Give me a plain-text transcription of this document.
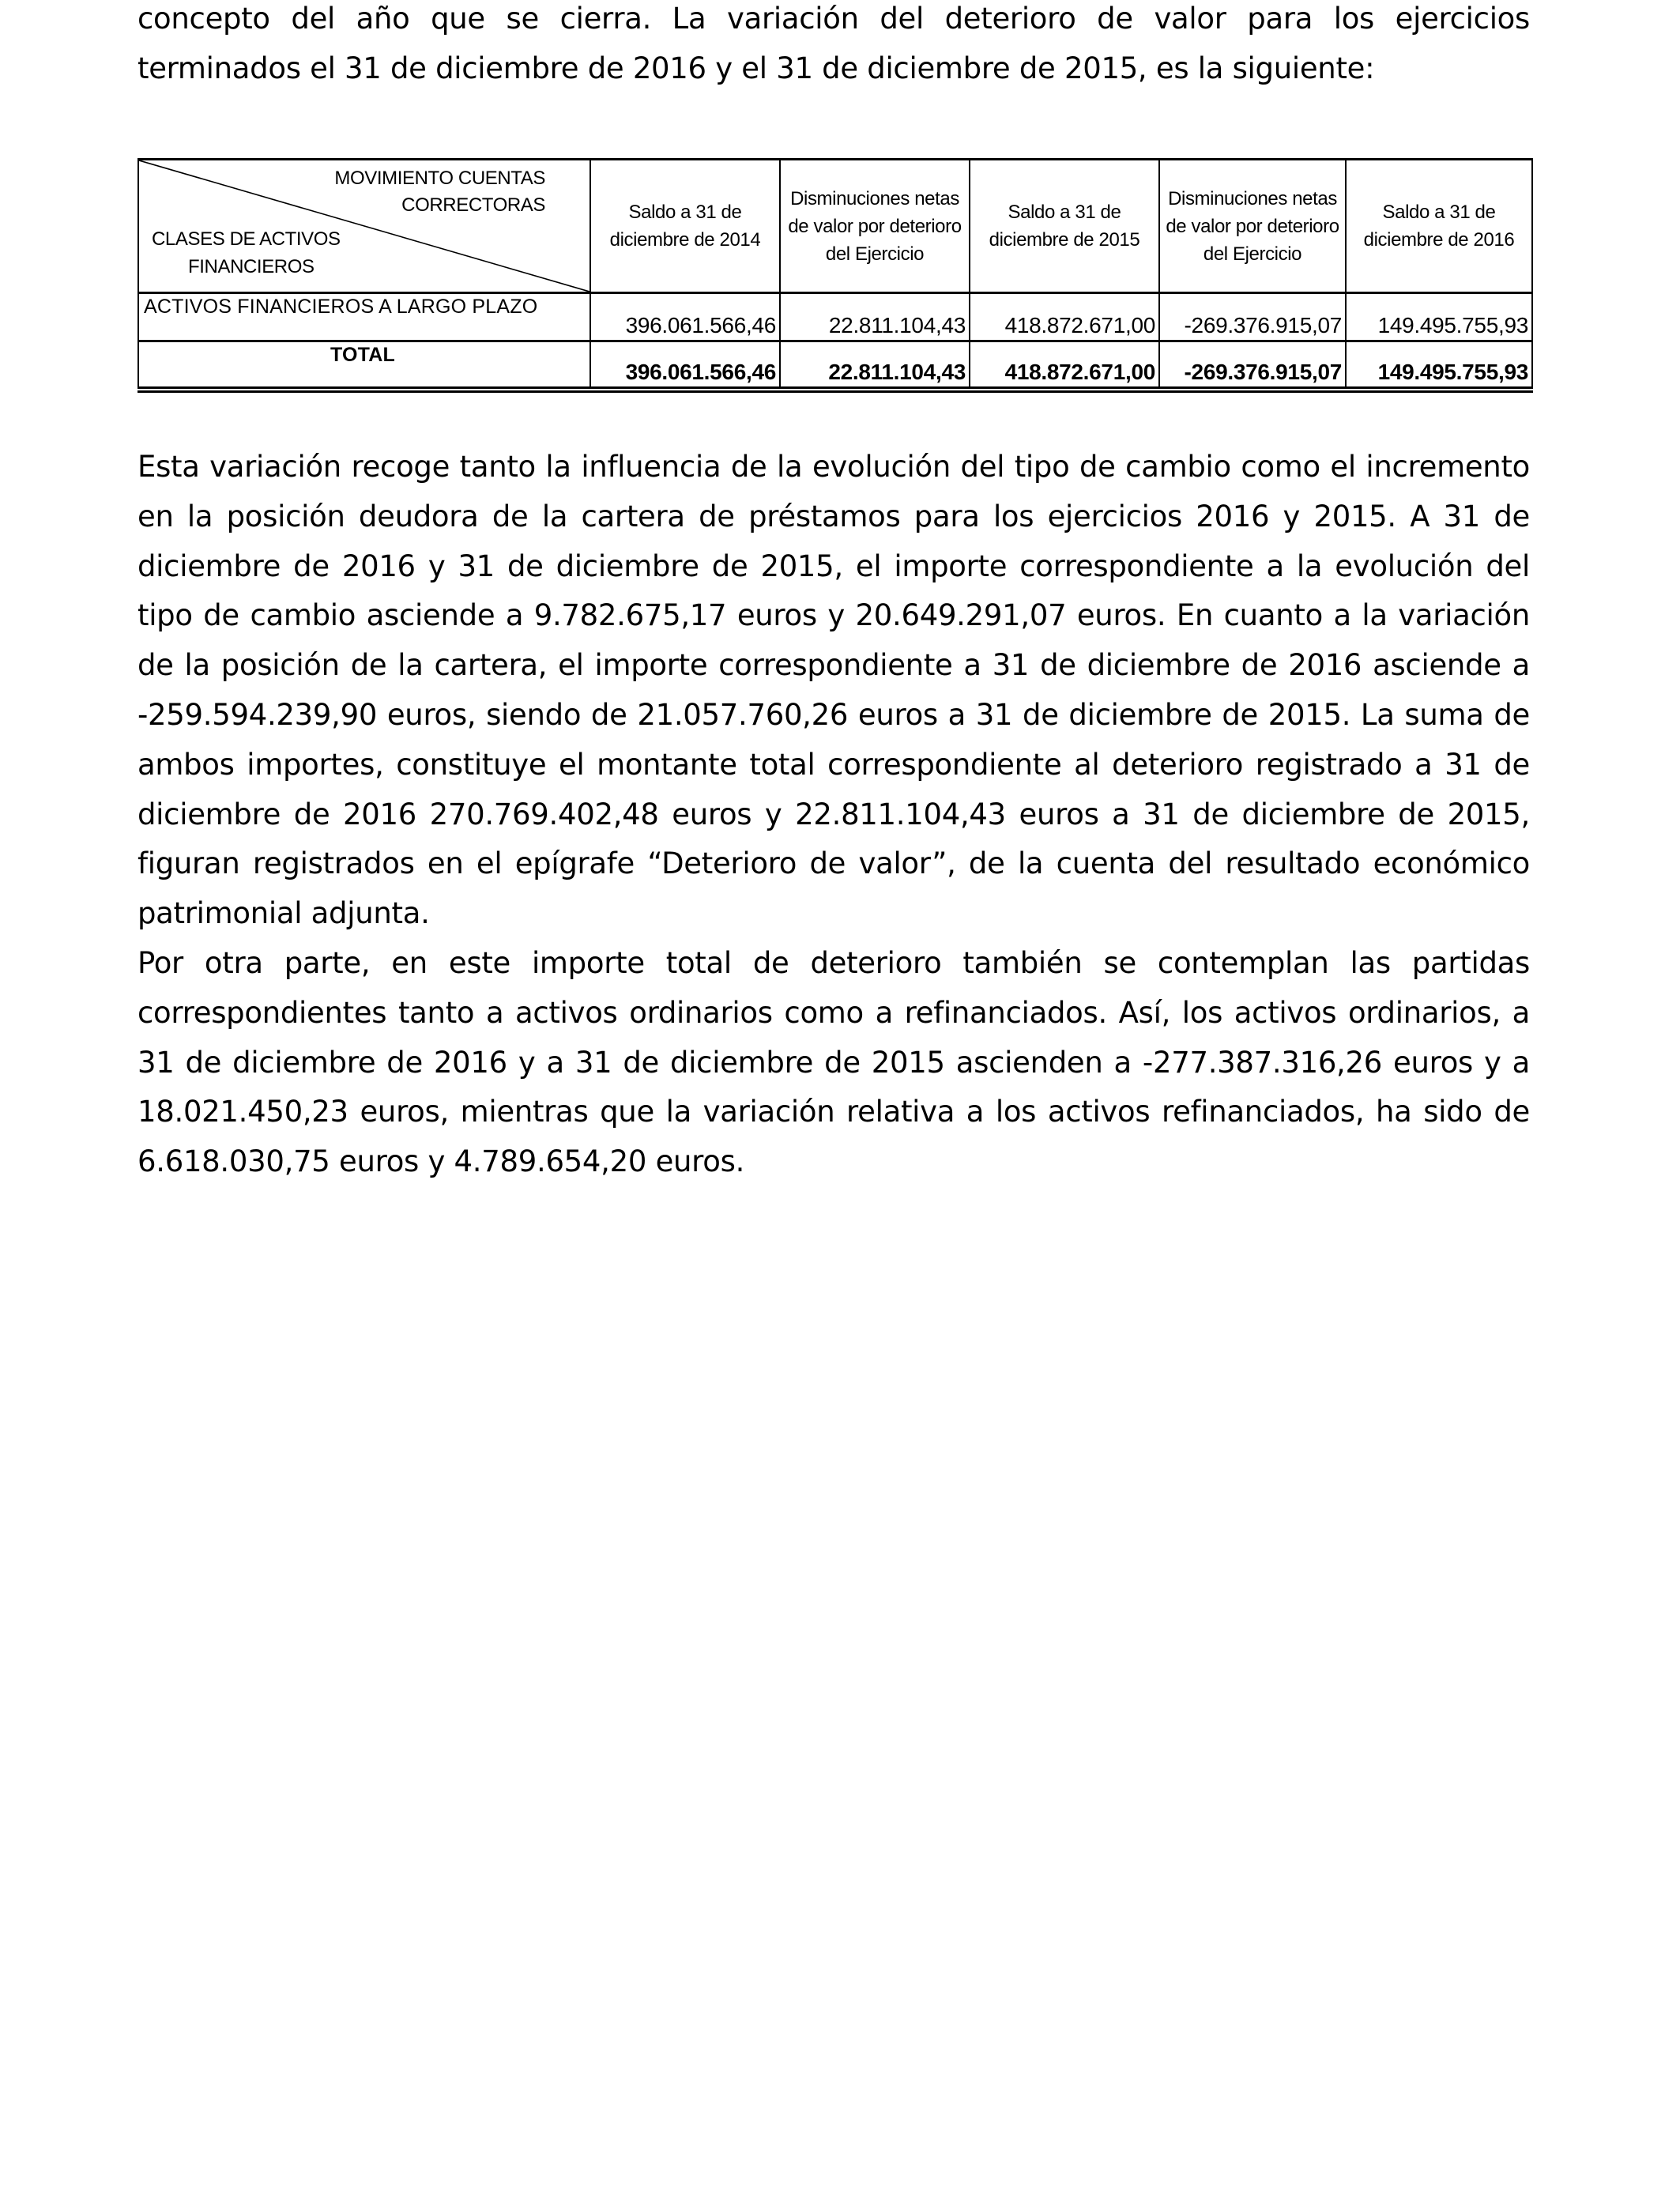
concepto del año que se cierra. La variación del deterioro de valor para los ejercicios terminados el 31 de diciembre de 2016 y el 31 de diciembre de 2015, es la siguiente:

MOVIMIENTO CUENTAS
CORRECTORAS
CLASES DE ACTIVOS
FINANCIEROS	Saldo a 31 de diciembre de 2014	Disminuciones netas de valor por deterioro del Ejercicio	Saldo a 31 de diciembre de 2015	Disminuciones netas de valor por deterioro del Ejercicio	Saldo a 31 de diciembre de 2016
ACTIVOS FINANCIEROS A LARGO PLAZO	396.061.566,46	22.811.104,43	418.872.671,00	-269.376.915,07	149.495.755,93
TOTAL	396.061.566,46	22.811.104,43	418.872.671,00	-269.376.915,07	149.495.755,93

Esta variación recoge tanto la influencia de la evolución del tipo de cambio como el incremento en la posición deudora de la cartera de préstamos para los ejercicios 2016 y 2015. A 31 de diciembre de 2016 y 31 de diciembre de 2015, el importe correspondiente a la evolución del tipo de cambio asciende a 9.782.675,17 euros y 20.649.291,07 euros. En cuanto a la variación de la posición de la cartera, el importe correspondiente a 31 de diciembre de 2016 asciende a -259.594.239,90 euros, siendo de 21.057.760,26 euros a 31 de diciembre de 2015. La suma de ambos importes, constituye el montante total correspondiente al deterioro registrado a 31 de diciembre de 2016 270.769.402,48 euros y 22.811.104,43 euros a 31 de diciembre de 2015, figuran registrados en el epígrafe “Deterioro de valor”, de la cuenta del resultado económico patrimonial adjunta.

Por otra parte, en este importe total de deterioro también se contemplan las partidas correspondientes tanto a activos ordinarios como a refinanciados. Así, los activos ordinarios, a 31 de diciembre de 2016 y a 31 de diciembre de 2015 ascienden a -277.387.316,26 euros y a 18.021.450,23 euros, mientras que la variación relativa a los activos refinanciados, ha sido de 6.618.030,75 euros y 4.789.654,20 euros.
